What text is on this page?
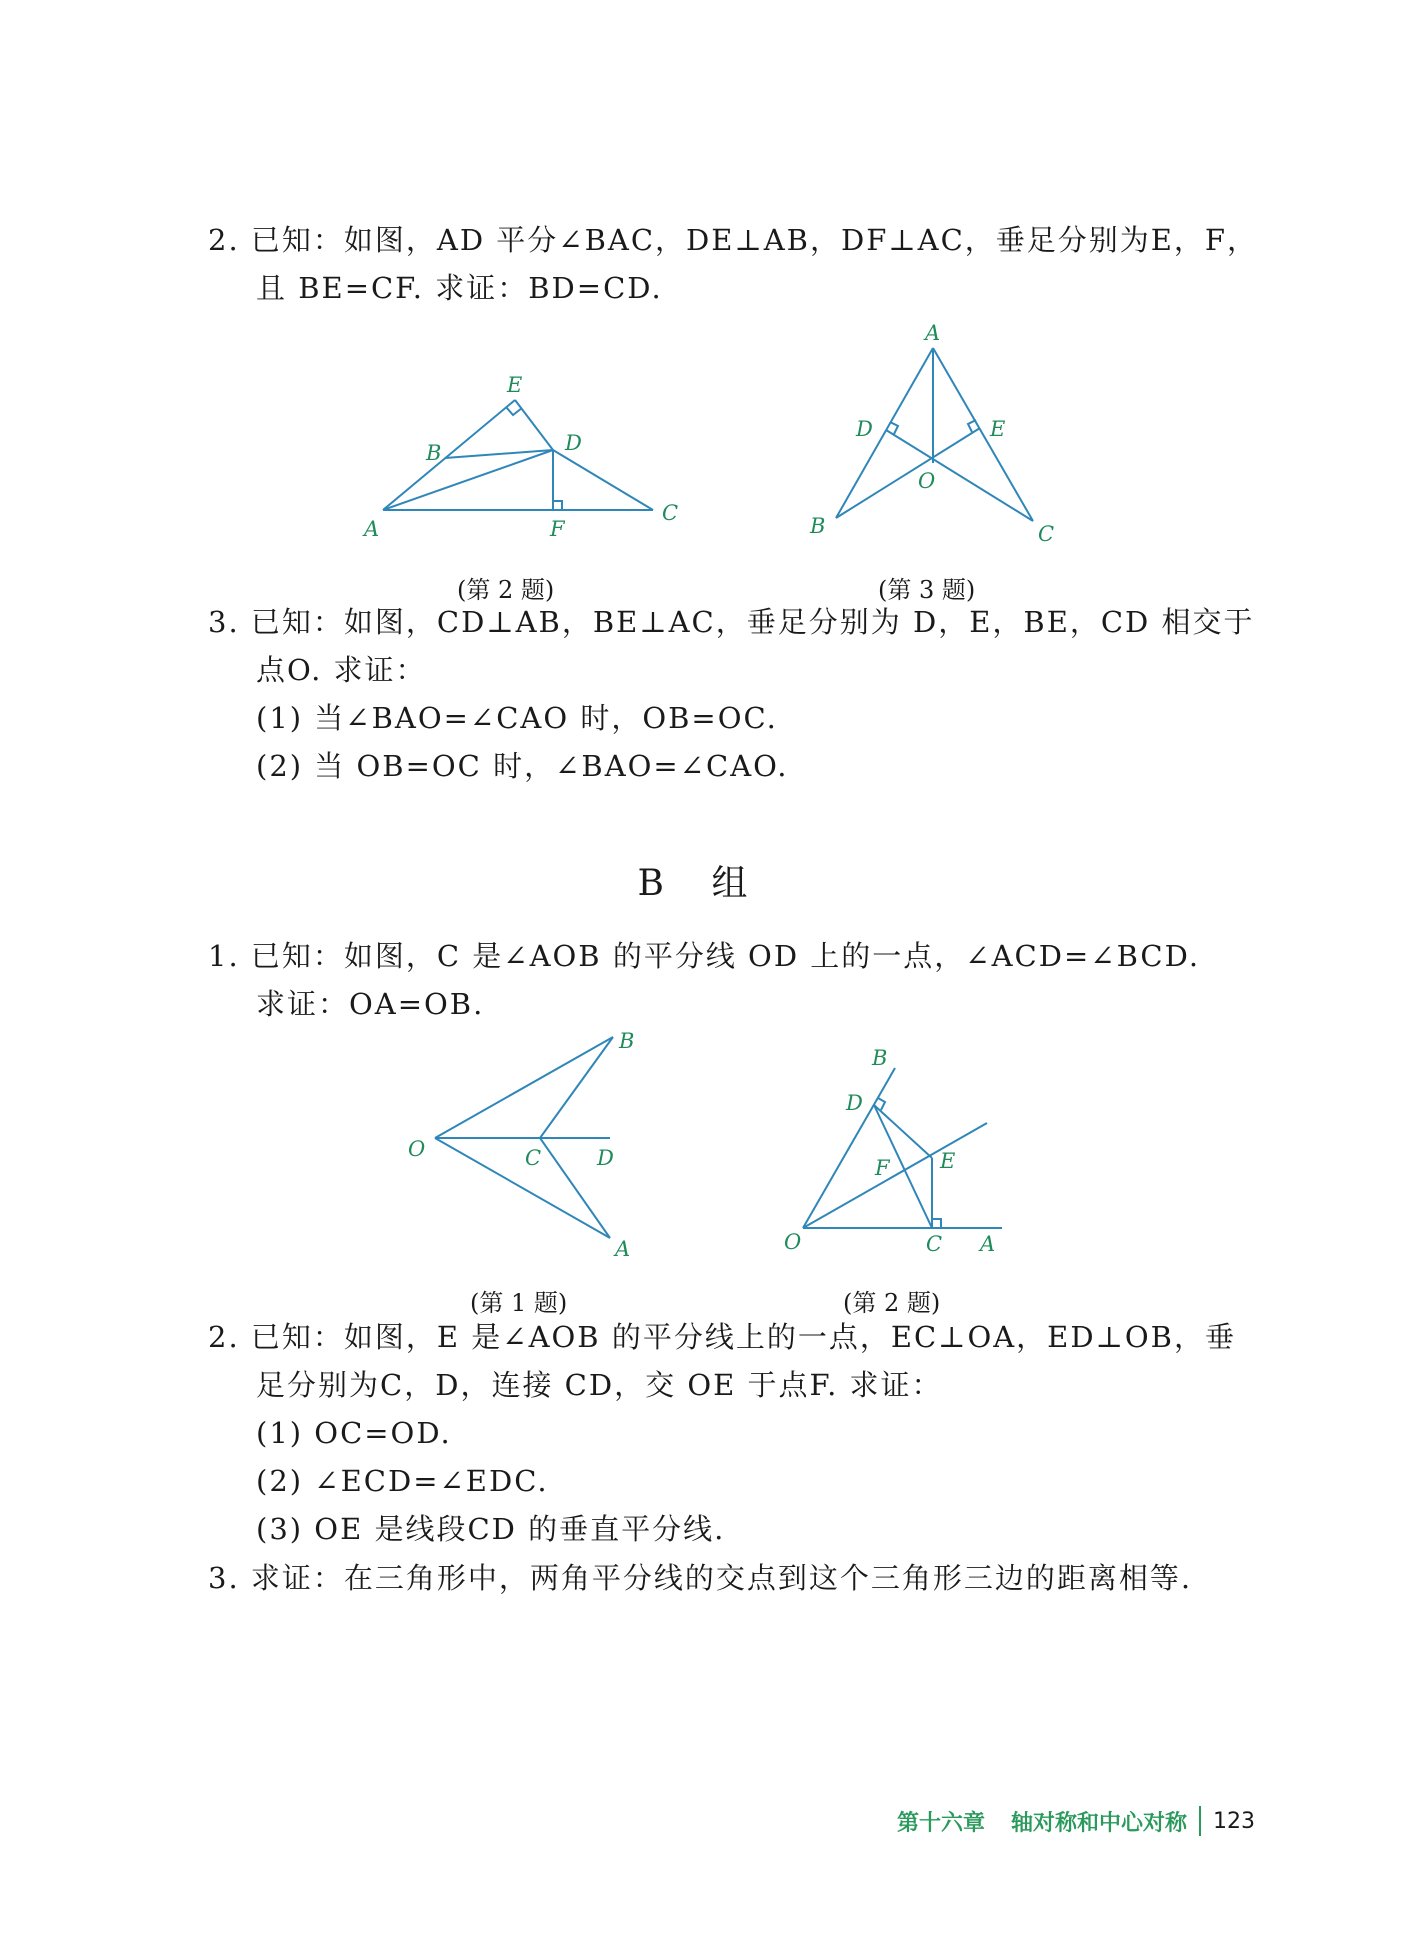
2. 已知：如图，AD 平分∠BAC，DE⊥AB，DF⊥AC，垂足分别为E，F，
且 BE=CF. 求证：BD=CD.
E
B	D
A	F
C
A
D	E
O
B	C
(第 2 题)	(第 3 题)
3. 已知：如图，CD⊥AB，BE⊥AC，垂足分别为 D，E，BE，CD 相交于
点O. 求证：
(1) 当∠BAO=∠CAO 时，OB=OC.
(2) 当 OB=OC 时，∠BAO=∠CAO.
B 组
1. 已知：如图，C 是∠AOB 的平分线 OD 上的一点，∠ACD=∠BCD.
求证：OA=OB.
B
O	C	D
A
B
D
E
F
O	C A
(第 1 题)	(第 2 题)
2. 已知：如图，E 是∠AOB 的平分线上的一点，EC⊥OA，ED⊥OB，垂
足分别为C，D，连接 CD，交 OE 于点F. 求证：
(1) OC=OD.
(2) ∠ECD=∠EDC.
(3) OE 是线段CD 的垂直平分线.
3. 求证：在三角形中，两角平分线的交点到这个三角形三边的距离相等.
第十六章 轴对称和中心对称 123
